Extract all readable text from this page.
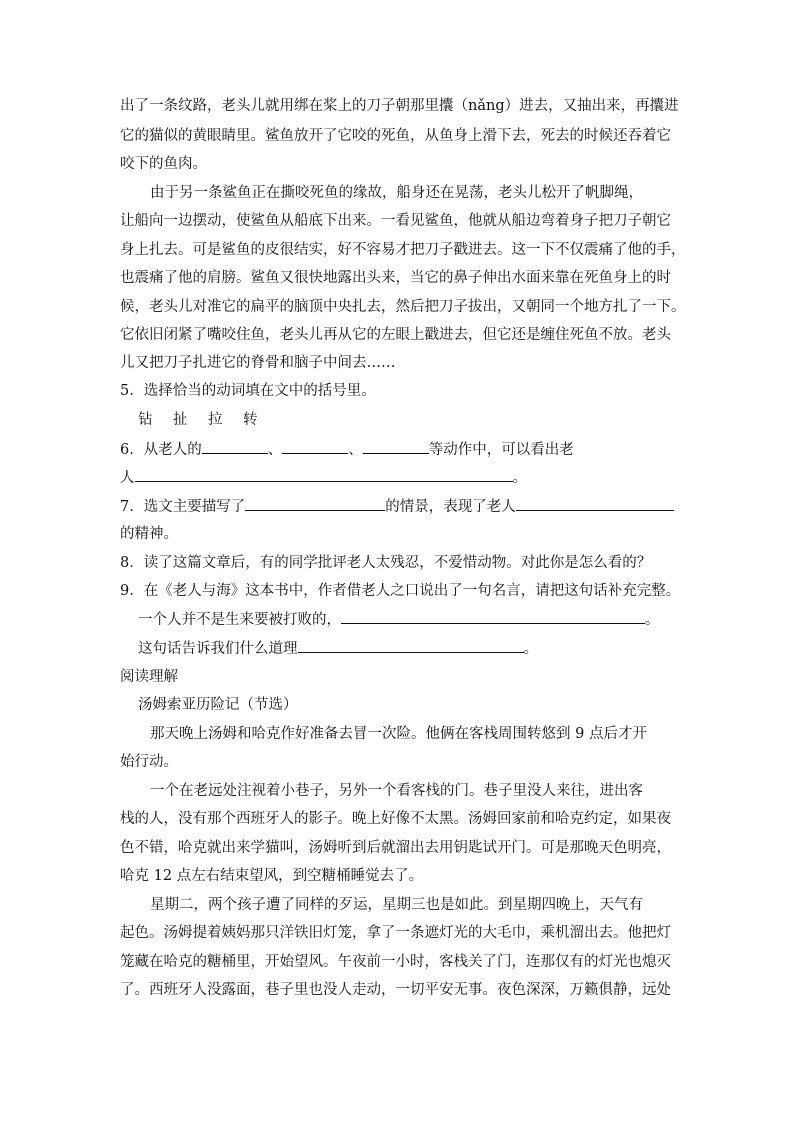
出了一条纹路，老头儿就用绑在桨上的刀子朝那里攮（nǎng）进去，又抽出来，再攮进
它的猫似的黄眼睛里。鲨鱼放开了它咬的死鱼，从鱼身上滑下去，死去的时候还吞着它
咬下的鱼肉。
由于另一条鲨鱼正在撕咬死鱼的缘故，船身还在晃荡，老头儿松开了帆脚绳，
让船向一边摆动，使鲨鱼从船底下出来。一看见鲨鱼，他就从船边弯着身子把刀子朝它
身上扎去。可是鲨鱼的皮很结实，好不容易才把刀子戳进去。这一下不仅震痛了他的手，
也震痛了他的肩膀。鲨鱼又很快地露出头来，当它的鼻子伸出水面来靠在死鱼身上的时
候，老头儿对准它的扁平的脑顶中央扎去，然后把刀子拔出，又朝同一个地方扎了一下。
它依旧闭紧了嘴咬住鱼，老头儿再从它的左眼上戳进去，但它还是缠住死鱼不放。老头
儿又把刀子扎进它的脊骨和脑子中间去……
5．选择恰当的动词填在文中的括号里。
钻　扯　拉　转
6．从老人的	、	、	等动作中，可以看出老
人	。
7．选文主要描写了	的情景，表现了老人
的精神。
8．读了这篇文章后，有的同学批评老人太残忍，不爱惜动物。对此你是怎么看的？
9．在《老人与海》这本书中，作者借老人之口说出了一句名言，请把这句话补充完整。
一个人并不是生来要被打败的，	。
这句话告诉我们什么道理	。
阅读理解
汤姆索亚历险记（节选）
那天晚上汤姆和哈克作好准备去冒一次险。他俩在客栈周围转悠到 9 点后才开
始行动。
一个在老远处注视着小巷子，另外一个看客栈的门。巷子里没人来往，进出客
栈的人，没有那个西班牙人的影子。晚上好像不太黑。汤姆回家前和哈克约定，如果夜
色不错，哈克就出来学猫叫，汤姆听到后就溜出去用钥匙试开门。可是那晚天色明亮，
哈克 12 点左右结束望风，到空糖桶睡觉去了。
星期二，两个孩子遭了同样的歹运，星期三也是如此。到星期四晚上，天气有
起色。汤姆提着姨妈那只洋铁旧灯笼，拿了一条遮灯光的大毛巾，乘机溜出去。他把灯
笼藏在哈克的糖桶里，开始望风。午夜前一小时，客栈关了门，连那仅有的灯光也熄灭
了。西班牙人没露面，巷子里也没人走动，一切平安无事。夜色深深，万籁俱静，远处
